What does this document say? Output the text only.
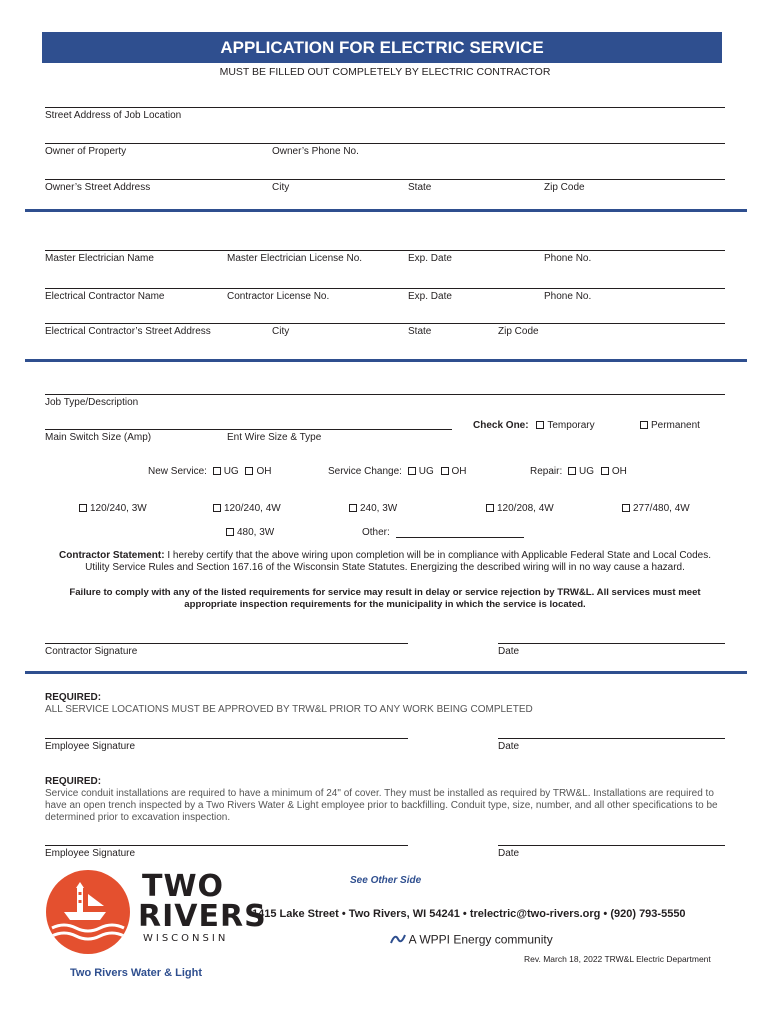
APPLICATION FOR ELECTRIC SERVICE
MUST BE FILLED OUT COMPLETELY BY ELECTRIC CONTRACTOR
Street Address of Job Location
Owner of Property	Owner’s Phone No.
Owner’s Street Address	City	State	Zip Code
Master Electrician Name	Master Electrician License No.	Exp. Date	Phone No.
Electrical Contractor Name	Contractor License No.	Exp. Date	Phone No.
Electrical Contractor’s Street Address	City	State	Zip Code
Job Type/Description
Main Switch Size (Amp)	Ent Wire Size & Type
Check One: Temporary	Permanent
New Service: UG OH	Service Change: UG OH	Repair: UG OH
120/240, 3W	120/240, 4W	240, 3W	120/208, 4W	277/480, 4W
480, 3W	Other:
Contractor Statement: I hereby certify that the above wiring upon completion will be in compliance with Applicable Federal State and Local Codes.
Utility Service Rules and Section 167.16 of the Wisconsin State Statutes. Energizing the described wiring will in no way cause a hazard.
Failure to comply with any of the listed requirements for service may result in delay or service rejection by TRW&L. All services must meet
appropriate inspection requirements for the municipality in which the service is located.
Contractor Signature	Date
REQUIRED:
ALL SERVICE LOCATIONS MUST BE APPROVED BY TRW&L PRIOR TO ANY WORK BEING COMPLETED
Employee Signature	Date
REQUIRED:
Service conduit installations are required to have a minimum of 24" of cover. They must be installed as required by TRW&L. Installations are required to
have an open trench inspected by a Two Rivers Water & Light employee prior to backfilling. Conduit type, size, number, and all other specifications to be
determined prior to excavation inspection.
Employee Signature	Date
See Other Side
TWO
RIVERS
WISCONSIN
1415 Lake Street • Two Rivers, WI 54241 • trelectric@two-rivers.org • (920) 793-5550
A WPPI Energy community
Rev. March 18, 2022 TRW&L Electric Department
Two Rivers Water & Light
